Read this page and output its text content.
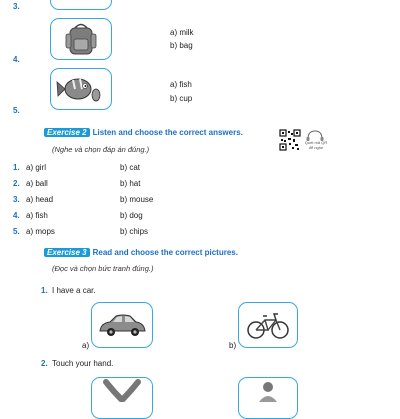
3.
4.
a) milk
b) bag
5.
a) fish
b) cup
Exercise 2 Listen and choose the correct answers.
(Nghe và chọn đáp án đúng.)
Quét mã QR để nghe
1. a) girl	b) cat
2. a) ball	b) hat
3. a) head	b) mouse
4. a) fish	b) dog
5. a) mops	b) chips
Exercise 3 Read and choose the correct pictures.
(Đọc và chọn bức tranh đúng.)
1. I have a car.
a)	b)
2. Touch your hand.
